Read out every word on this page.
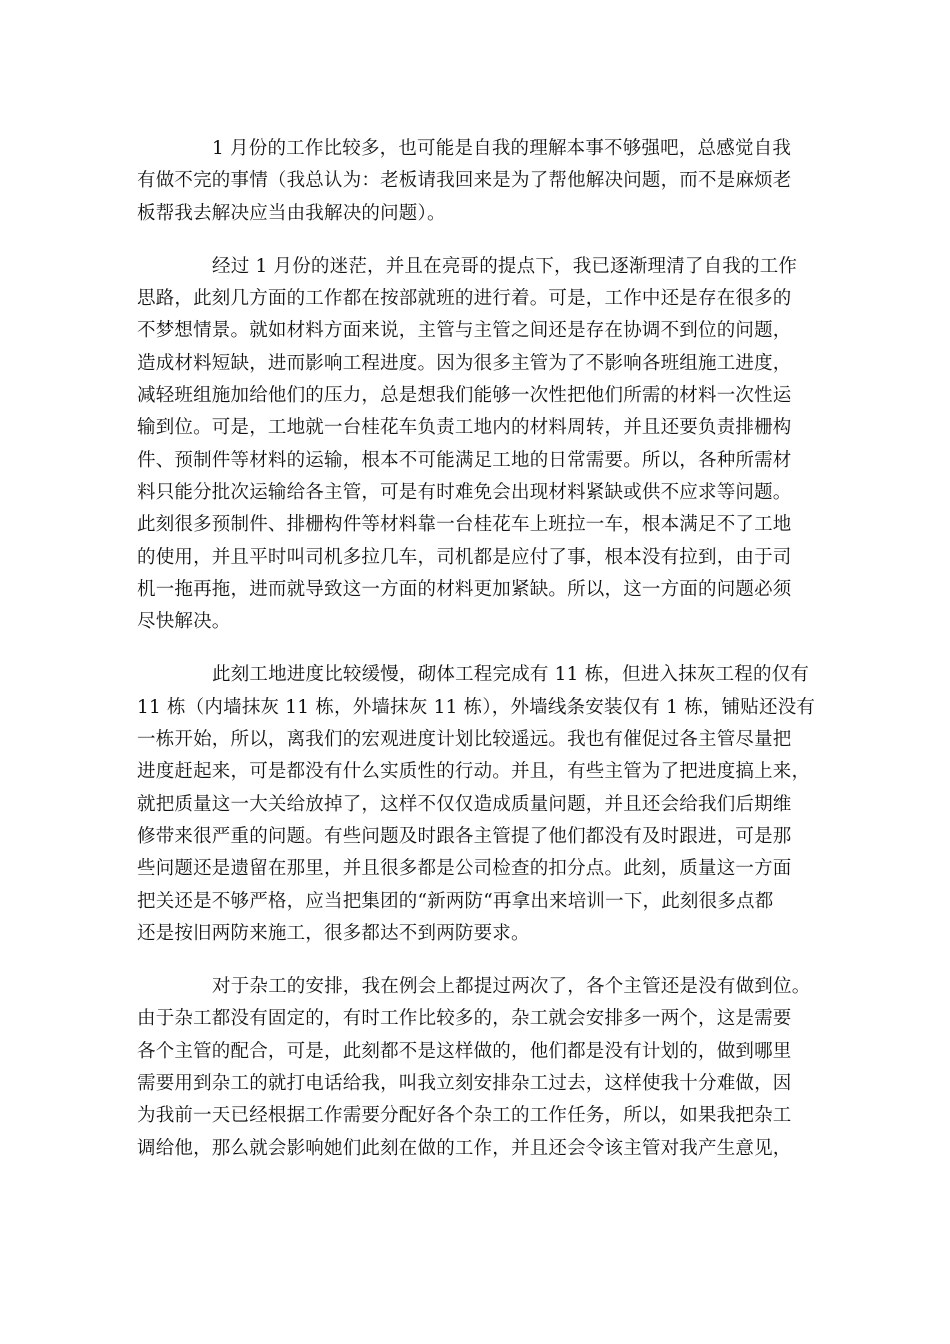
1 月份的工作比较多，也可能是自我的理解本事不够强吧，总感觉自我
有做不完的事情（我总认为：老板请我回来是为了帮他解决问题，而不是麻烦老
板帮我去解决应当由我解决的问题）。
经过 1 月份的迷茫，并且在亮哥的提点下，我已逐渐理清了自我的工作
思路，此刻几方面的工作都在按部就班的进行着。可是，工作中还是存在很多的
不梦想情景。就如材料方面来说，主管与主管之间还是存在协调不到位的问题，
造成材料短缺，进而影响工程进度。因为很多主管为了不影响各班组施工进度，
减轻班组施加给他们的压力，总是想我们能够一次性把他们所需的材料一次性运
输到位。可是，工地就一台桂花车负责工地内的材料周转，并且还要负责排栅构
件、预制件等材料的运输，根本不可能满足工地的日常需要。所以，各种所需材
料只能分批次运输给各主管，可是有时难免会出现材料紧缺或供不应求等问题。
此刻很多预制件、排栅构件等材料靠一台桂花车上班拉一车，根本满足不了工地
的使用，并且平时叫司机多拉几车，司机都是应付了事，根本没有拉到，由于司
机一拖再拖，进而就导致这一方面的材料更加紧缺。所以，这一方面的问题必须
尽快解决。
此刻工地进度比较缓慢，砌体工程完成有 11 栋，但进入抹灰工程的仅有
11 栋（内墙抹灰 11 栋，外墙抹灰 11 栋），外墙线条安装仅有 1 栋，铺贴还没有
一栋开始，所以，离我们的宏观进度计划比较遥远。我也有催促过各主管尽量把
进度赶起来，可是都没有什么实质性的行动。并且，有些主管为了把进度搞上来，
就把质量这一大关给放掉了，这样不仅仅造成质量问题，并且还会给我们后期维
修带来很严重的问题。有些问题及时跟各主管提了他们都没有及时跟进，可是那
些问题还是遗留在那里，并且很多都是公司检查的扣分点。此刻，质量这一方面
把关还是不够严格，应当把集团的“新两防“再拿出来培训一下，此刻很多点都
还是按旧两防来施工，很多都达不到两防要求。
对于杂工的安排，我在例会上都提过两次了，各个主管还是没有做到位。
由于杂工都没有固定的，有时工作比较多的，杂工就会安排多一两个，这是需要
各个主管的配合，可是，此刻都不是这样做的，他们都是没有计划的，做到哪里
需要用到杂工的就打电话给我，叫我立刻安排杂工过去，这样使我十分难做，因
为我前一天已经根据工作需要分配好各个杂工的工作任务，所以，如果我把杂工
调给他，那么就会影响她们此刻在做的工作，并且还会令该主管对我产生意见，
